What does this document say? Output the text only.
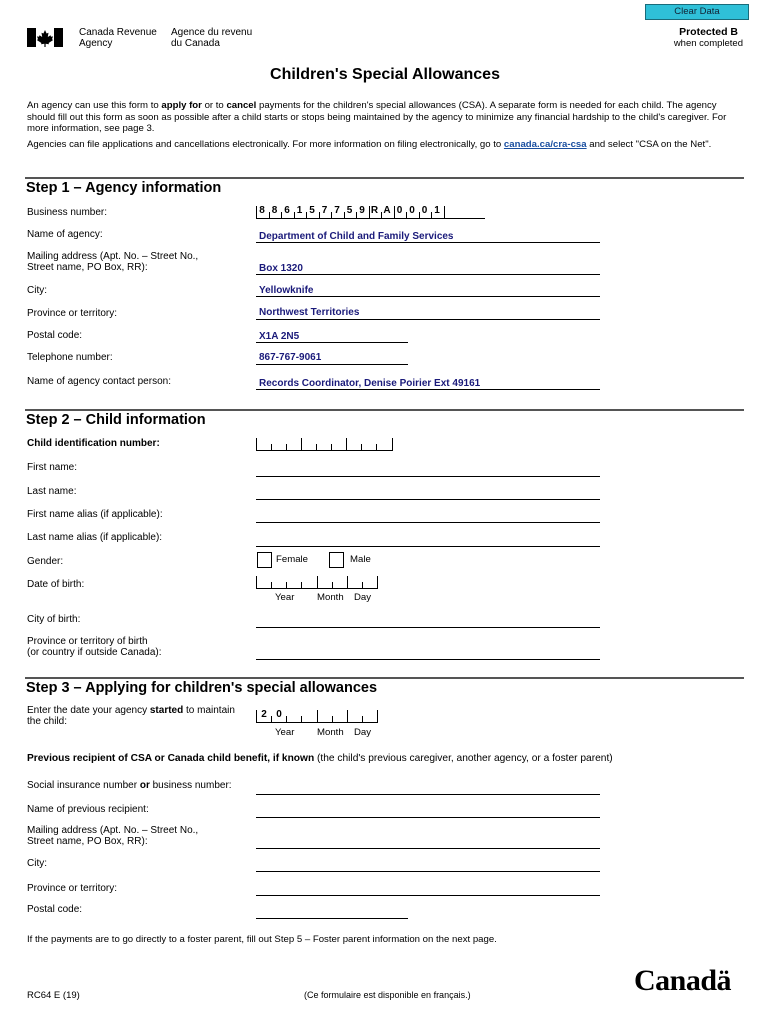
Clear Data
Canada Revenue
Agency
Agence du revenu
du Canada
Protected B
when completed
Children's Special Allowances
An agency can use this form to apply for or to cancel payments for the children's special allowances (CSA). A separate form is needed for each child. The agency should fill out this form as soon as possible after a child starts or stops being maintained by the agency to minimize any financial hardship to the child's caregiver. For more information, see page 3.
Agencies can file applications and cancellations electronically. For more information on filing electronically, go to canada.ca/cra-csa and select "CSA on the Net".
Step 1 – Agency information
Business number:	8 8 6 1 5 7 7 5 9 R A 0 0 0 1
Name of agency:	Department of Child and Family Services
Mailing address (Apt. No. – Street No.,
Street name, PO Box, RR):	Box 1320
City:	Yellowknife
Province or territory:	Northwest Territories
Postal code:	X1A 2N5
Telephone number:	867-767-9061
Name of agency contact person:	Records Coordinator, Denise Poirier Ext 49161
Step 2 – Child information
Child identification number:
First name:
Last name:
First name alias (if applicable):
Last name alias (if applicable):
Gender:	Female	Male
Date of birth:
Year Month Day
City of birth:
Province or territory of birth
(or country if outside Canada):
Step 3 – Applying for children's special allowances
Enter the date your agency started to maintain
the child:
2 0
Year Month Day
Previous recipient of CSA or Canada child benefit, if known (the child's previous caregiver, another agency, or a foster parent)
Social insurance number or business number:
Name of previous recipient:
Mailing address (Apt. No. – Street No.,
Street name, PO Box, RR):
City:
Province or territory:
Postal code:
If the payments are to go directly to a foster parent, fill out Step 5 – Foster parent information on the next page.
RC64 E (19)	(Ce formulaire est disponible en français.)	Canadä
